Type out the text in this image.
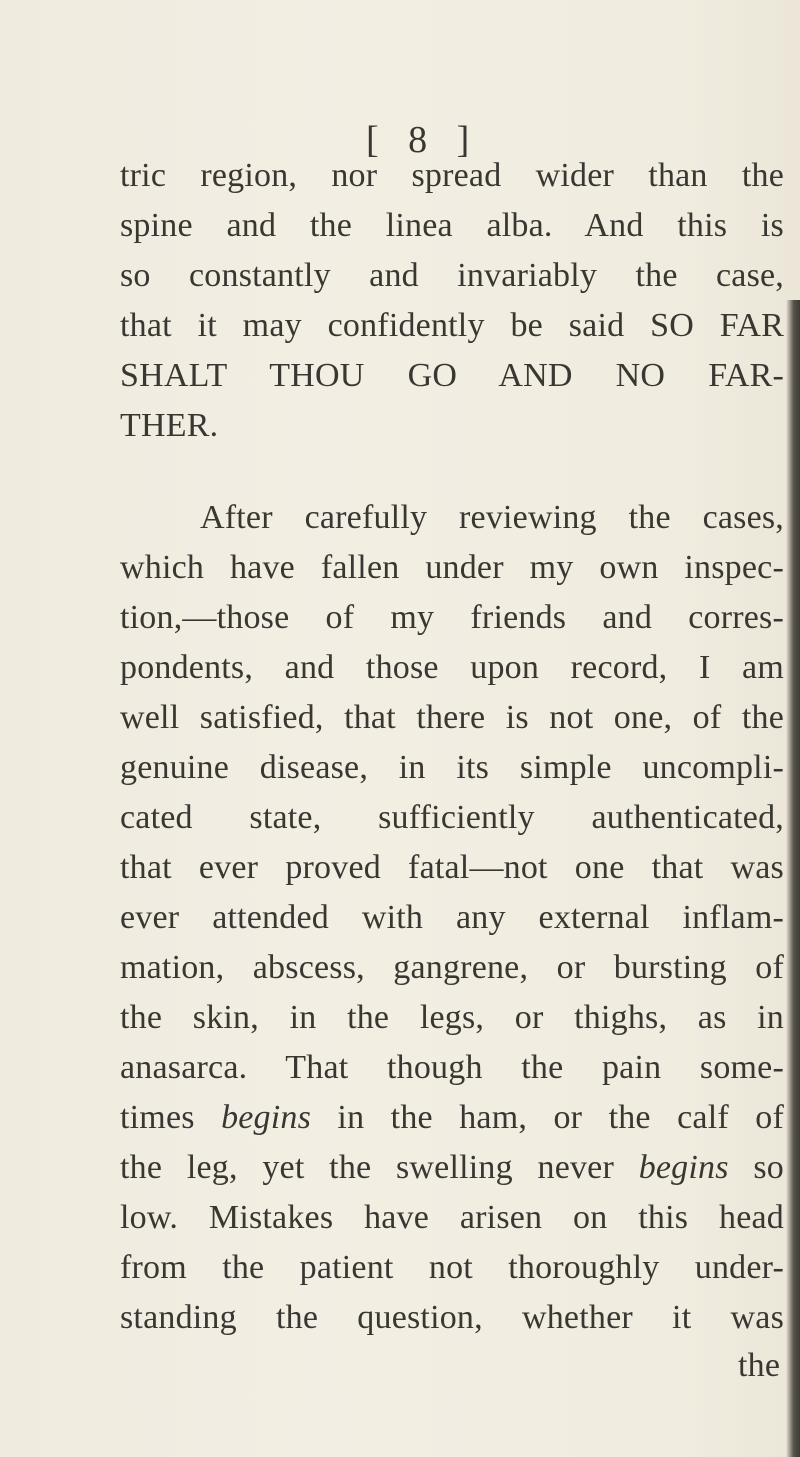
[ 8 ]
tric region, nor spread wider than the
spine and the linea alba. And this is
so constantly and invariably the case,
that it may confidently be said SO FAR
SHALT THOU GO AND NO FAR-
THER.
After carefully reviewing the cases,
which have fallen under my own inspec-
tion,—those of my friends and corres-
pondents, and those upon record, I am
well satisfied, that there is not one, of the
genuine disease, in its simple uncompli-
cated state, sufficiently authenticated,
that ever proved fatal—not one that was
ever attended with any external inflam-
mation, abscess, gangrene, or bursting of
the skin, in the legs, or thighs, as in
anasarca. That though the pain some-
times begins in the ham, or the calf of
the leg, yet the swelling never begins so
low. Mistakes have arisen on this head
from the patient not thoroughly under-
standing the question, whether it was
the
